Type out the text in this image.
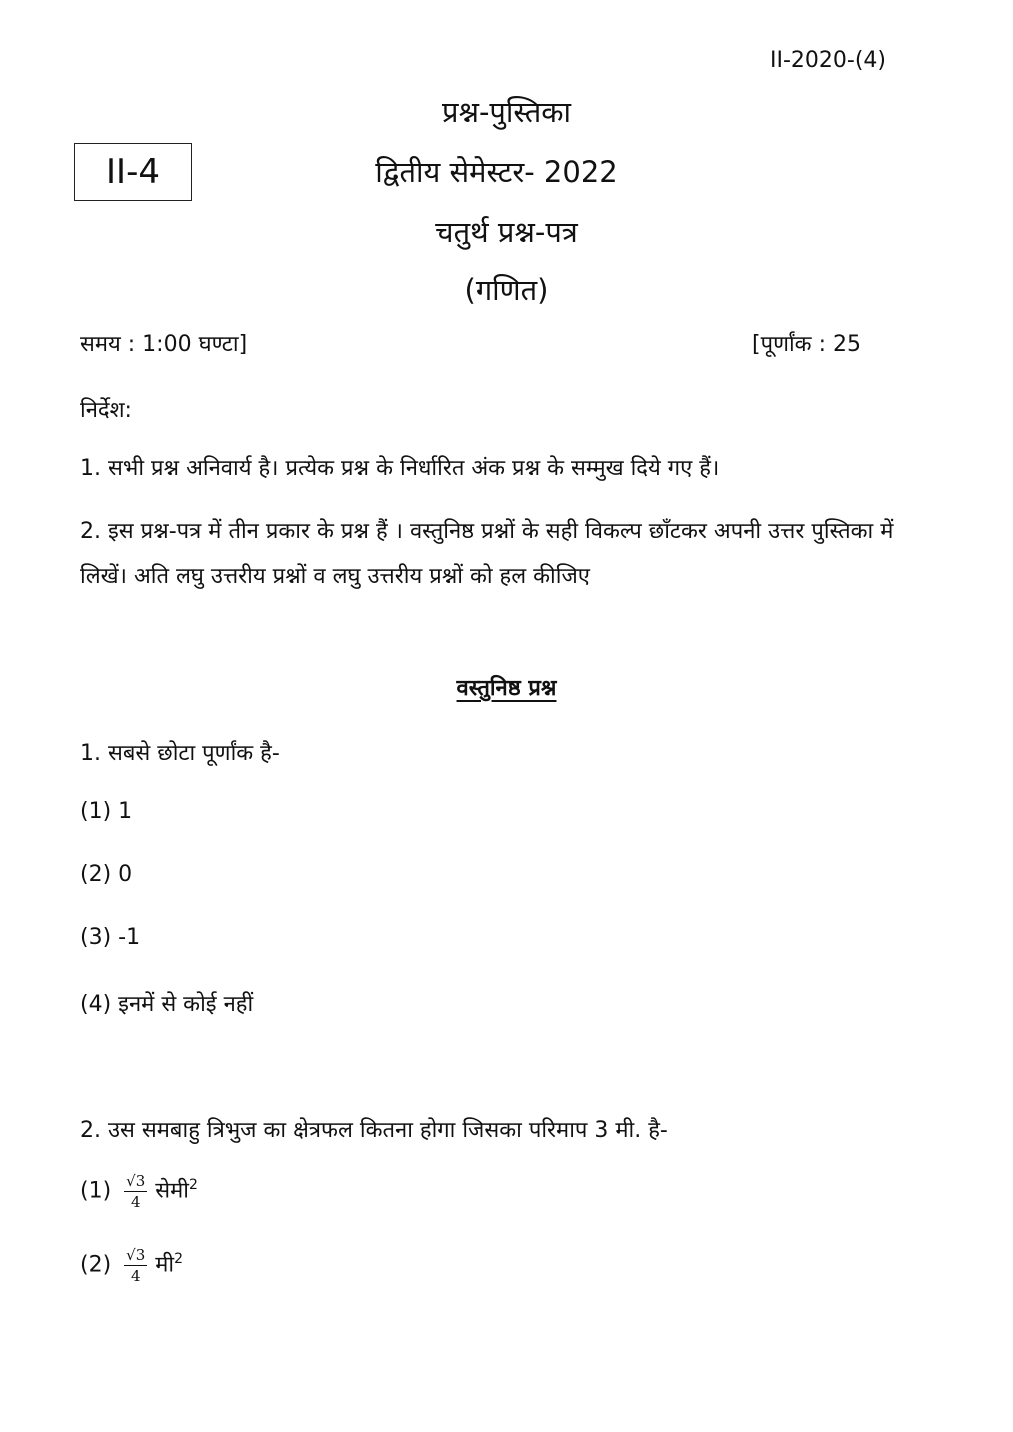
II-2020-(4)
II-4
प्रश्न-पुस्तिका
द्वितीय सेमेस्टर- 2022
चतुर्थ प्रश्न-पत्र
(गणित)
समय : 1:00 घण्टा]	[पूर्णांक : 25
निर्देश:
1. सभी प्रश्न अनिवार्य है। प्रत्येक प्रश्न के निर्धारित अंक प्रश्न के सम्मुख दिये गए हैं।
2. इस प्रश्न-पत्र में तीन प्रकार के प्रश्न हैं । वस्तुनिष्ठ प्रश्नों के सही विकल्प छाँटकर अपनी उत्तर पुस्तिका में लिखें। अति लघु उत्तरीय प्रश्नों व लघु उत्तरीय प्रश्नों को हल कीजिए
वस्तुनिष्ठ प्रश्न
1. सबसे छोटा पूर्णांक है-
(1) 1
(2) 0
(3) -1
(4) इनमें से कोई नहीं
2. उस समबाहु त्रिभुज का क्षेत्रफल कितना होगा जिसका परिमाप 3 मी. है-
$(1) \frac{√3}{4}$ सेमी$^2$
$(2) \frac{√3}{4}$ मी$^2$
